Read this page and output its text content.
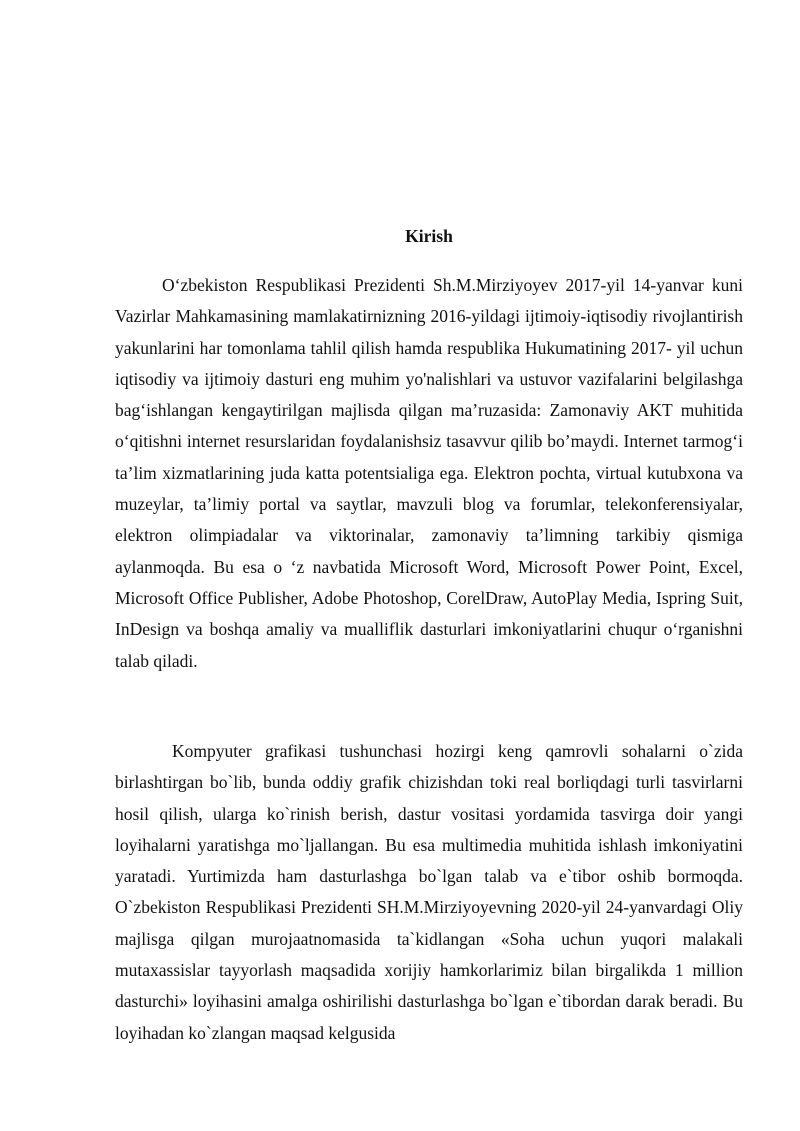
Kirish

O‘zbekiston Respublikasi Prezidenti Sh.M.Mirziyoyev 2017-yil 14-yanvar kuni Vazirlar Mahkamasining mamlakatirnizning 2016-yildagi ijtimoiy-iqtisodiy rivojlantirish yakunlarini har tomonlama tahlil qilish hamda respublika Hukumatining 2017- yil uchun iqtisodiy va ijtimoiy dasturi eng muhim yo'nalishlari va ustuvor vazifalarini belgilashga bag‘ishlangan kengaytirilgan majlisda qilgan ma’ruzasida: Zamonaviy AKT muhitida o‘qitishni internet resurslaridan foydalanishsiz tasavvur qilib bo’maydi. Internet tarmog‘i ta’lim xizmatlarining juda katta potentsialiga ega. Elektron pochta, virtual kutubxona va muzeylar, ta’limiy portal va saytlar, mavzuli blog va forumlar, telekonferensiyalar, elektron olimpiadalar va viktorinalar, zamonaviy ta’limning tarkibiy qismiga aylanmoqda. Bu esa o ‘z navbatida Microsoft Word, Microsoft Power Point, Excel, Microsoft Office Publisher, Adobe Photoshop, CorelDraw, AutoPlay Media, Ispring Suit, InDesign va boshqa amaliy va mualliflik dasturlari imkoniyatlarini chuqur o‘rganishni talab qiladi.

Kompyuter grafikasi tushunchasi hozirgi keng qamrovli sohalarni o`zida birlashtirgan bo`lib, bunda oddiy grafik chizishdan toki real borliqdagi turli tasvirlarni hosil qilish, ularga ko`rinish berish, dastur vositasi yordamida tasvirga doir yangi loyihalarni yaratishga mo`ljallangan. Bu esa multimedia muhitida ishlash imkoniyatini yaratadi. Yurtimizda ham dasturlashga bo`lgan talab va e`tibor oshib bormoqda. O`zbekiston Respublikasi Prezidenti SH.M.Mirziyoyevning 2020-yil 24-yanvardagi Oliy majlisga qilgan murojaatnomasida ta`kidlangan «Soha uchun yuqori malakali mutaxassislar tayyorlash maqsadida xorijiy hamkorlarimiz bilan birgalikda 1 million dasturchi» loyihasini amalga oshirilishi dasturlashga bo`lgan e`tibordan darak beradi. Bu loyihadan ko`zlangan maqsad kelgusida
